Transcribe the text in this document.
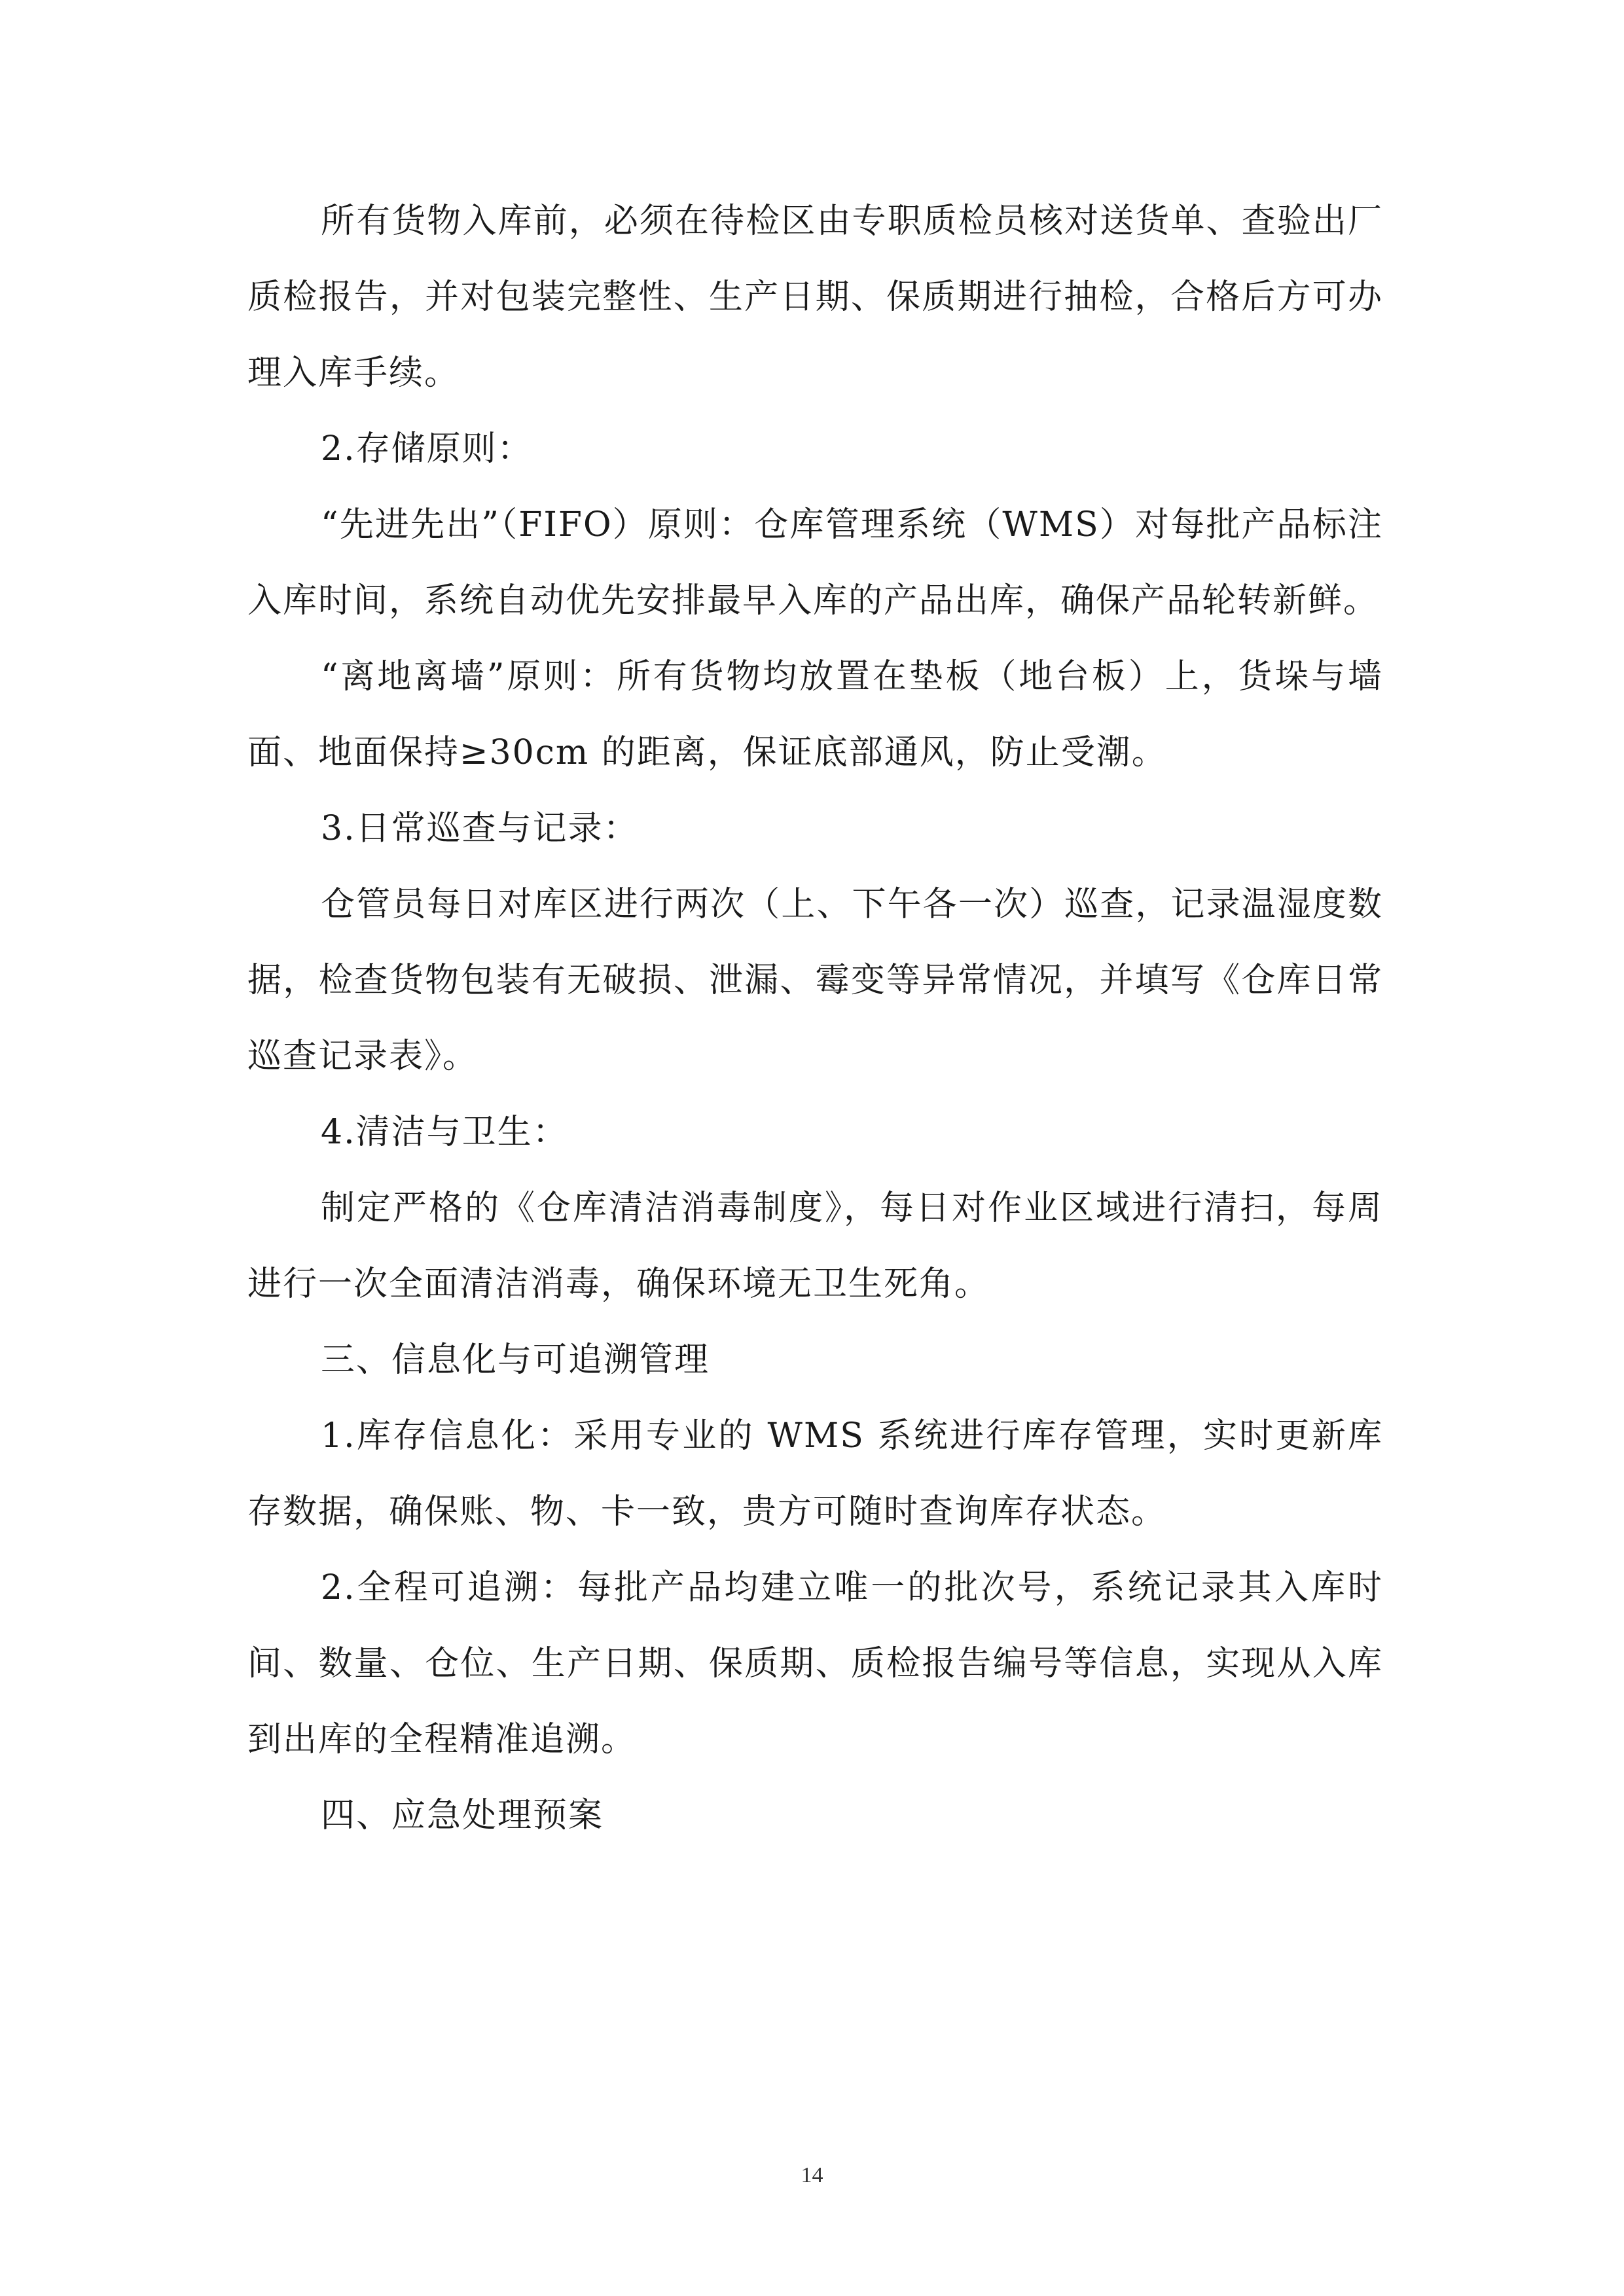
所有货物入库前，必须在待检区由专职质检员核对送货单、查验出厂质检报告，并对包装完整性、生产日期、保质期进行抽检，合格后方可办理入库手续。

2.存储原则：

“先进先出”（FIFO）原则：仓库管理系统（WMS）对每批产品标注入库时间，系统自动优先安排最早入库的产品出库，确保产品轮转新鲜。

“离地离墙”原则：所有货物均放置在垫板（地台板）上，货垛与墙面、地面保持≥30cm 的距离，保证底部通风，防止受潮。

3.日常巡查与记录：

仓管员每日对库区进行两次（上、下午各一次）巡查，记录温湿度数据，检查货物包装有无破损、泄漏、霉变等异常情况，并填写《仓库日常巡查记录表》。

4.清洁与卫生：

制定严格的《仓库清洁消毒制度》，每日对作业区域进行清扫，每周进行一次全面清洁消毒，确保环境无卫生死角。

三、信息化与可追溯管理

1.库存信息化：采用专业的 WMS 系统进行库存管理，实时更新库存数据，确保账、物、卡一致，贵方可随时查询库存状态。

2.全程可追溯：每批产品均建立唯一的批次号，系统记录其入库时间、数量、仓位、生产日期、保质期、质检报告编号等信息，实现从入库到出库的全程精准追溯。

四、应急处理预案

14
